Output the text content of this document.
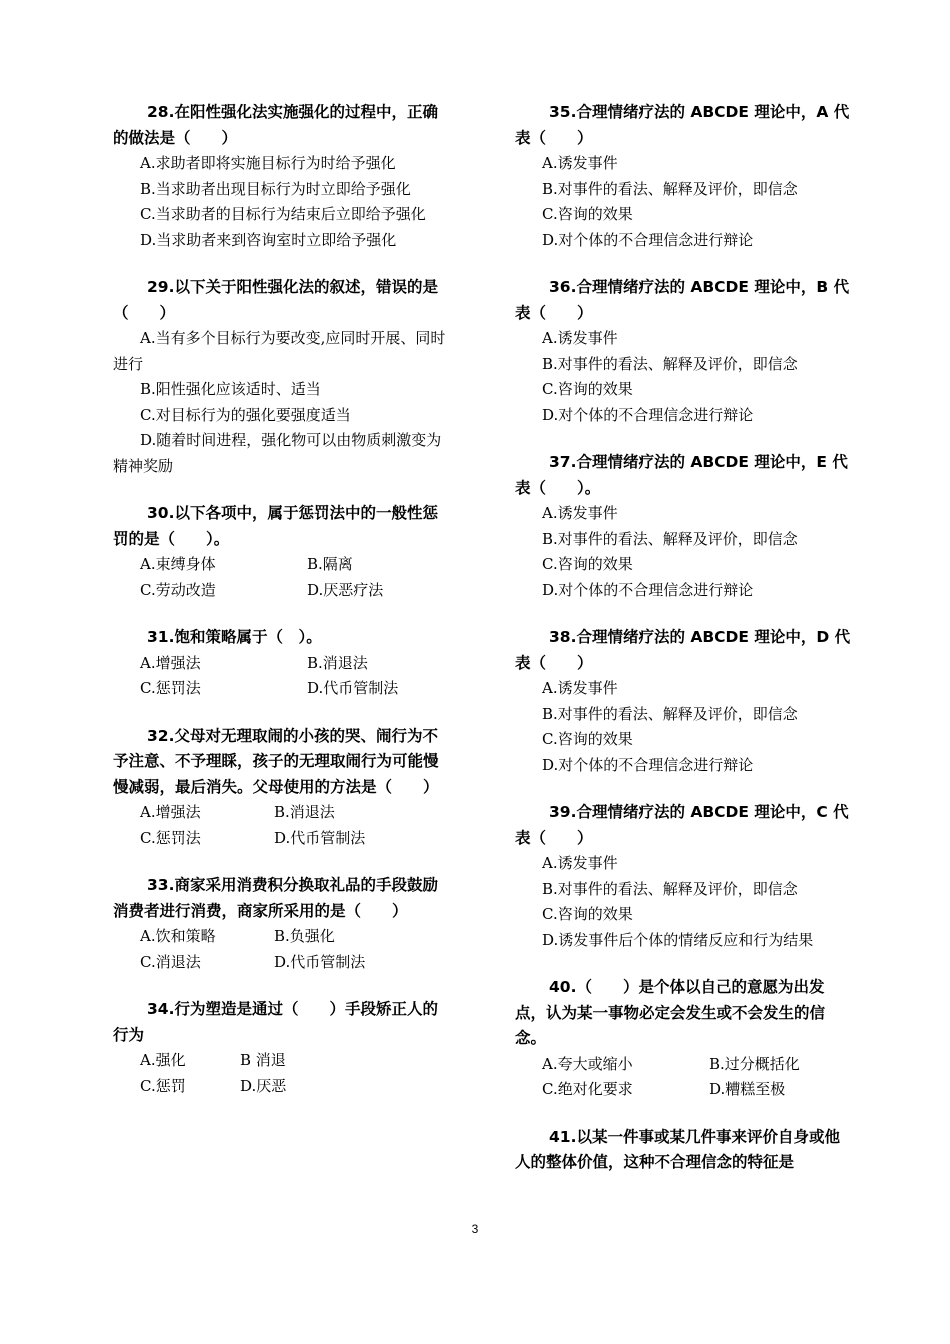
28.在阳性强化法实施强化的过程中，正确的做法是（　　）

A.求助者即将实施目标行为时给予强化

B.当求助者出现目标行为时立即给予强化

C.当求助者的目标行为结束后立即给予强化

D.当求助者来到咨询室时立即给予强化

29.以下关于阳性强化法的叙述，错误的是（　　）

A.当有多个目标行为要改变,应同时开展、同时进行

B.阳性强化应该适时、适当

C.对目标行为的强化要强度适当

D.随着时间进程，强化物可以由物质刺激变为精神奖励

30.以下各项中，属于惩罚法中的一般性惩罚的是（　　）。

A.束缚身体	B.隔离
C.劳动改造	D.厌恶疗法

31.饱和策略属于（　）。

A.增强法	B.消退法
C.惩罚法	D.代币管制法

32.父母对无理取闹的小孩的哭、闹行为不予注意、不予理睬，孩子的无理取闹行为可能慢慢减弱，最后消失。父母使用的方法是（　　）

A.增强法	B.消退法
C.惩罚法	D.代币管制法

33.商家采用消费积分换取礼品的手段鼓励消费者进行消费，商家所采用的是（　　）

A.饮和策略	B.负强化
C.消退法	D.代币管制法

34.行为塑造是通过（　　）手段矫正人的行为

A.强化	B 消退
C.惩罚	D.厌恶

35.合理情绪疗法的 ABCDE 理论中，A 代表（　　）

A.诱发事件

B.对事件的看法、解释及评价，即信念

C.咨询的效果

D.对个体的不合理信念进行辩论

36.合理情绪疗法的 ABCDE 理论中，B 代表（　　）

A.诱发事件

B.对事件的看法、解释及评价，即信念

C.咨询的效果

D.对个体的不合理信念进行辩论

37.合理情绪疗法的 ABCDE 理论中，E 代表（　　）。

A.诱发事件

B.对事件的看法、解释及评价，即信念

C.咨询的效果

D.对个体的不合理信念进行辩论

38.合理情绪疗法的 ABCDE 理论中，D 代表（　　）

A.诱发事件

B.对事件的看法、解释及评价，即信念

C.咨询的效果

D.对个体的不合理信念进行辩论

39.合理情绪疗法的 ABCDE 理论中，C 代表（　　）

A.诱发事件

B.对事件的看法、解释及评价，即信念

C.咨询的效果

D.诱发事件后个体的情绪反应和行为结果

40.（　　）是个体以自己的意愿为出发点，认为某一事物必定会发生或不会发生的信念。

A.夸大或缩小	B.过分概括化
C.绝对化要求	D.糟糕至极

41.以某一件事或某几件事来评价自身或他人的整体价值，这种不合理信念的特征是

3
